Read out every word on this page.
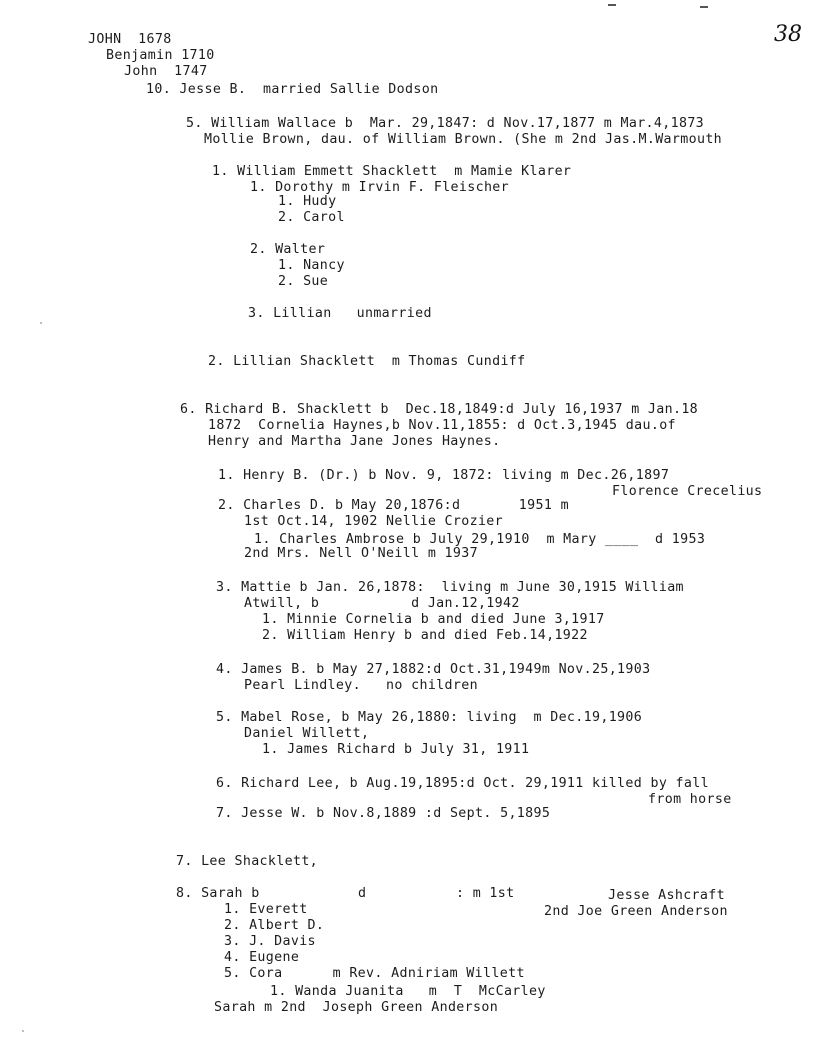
38
JOHN  1678
Benjamin 1710
John  1747
10. Jesse B.  married Sallie Dodson
5. William Wallace b  Mar. 29,1847: d Nov.17,1877 m Mar.4,1873
Mollie Brown, dau. of William Brown. (She m 2nd Jas.M.Warmouth
1. William Emmett Shacklett  m Mamie Klarer
1. Dorothy m Irvin F. Fleischer
1. Hudy
2. Carol
2. Walter
1. Nancy
2. Sue
3. Lillian   unmarried
2. Lillian Shacklett  m Thomas Cundiff
6. Richard B. Shacklett b  Dec.18,1849:d July 16,1937 m Jan.18
1872  Cornelia Haynes,b Nov.11,1855: d Oct.3,1945 dau.of
Henry and Martha Jane Jones Haynes.
1. Henry B. (Dr.) b Nov. 9, 1872: living m Dec.26,1897
Florence Crecelius
2. Charles D. b May 20,1876:d       1951 m
1st Oct.14, 1902 Nellie Crozier
1. Charles Ambrose b July 29,1910  m Mary ____  d 1953
2nd Mrs. Nell O'Neill m 1937
3. Mattie b Jan. 26,1878:  living m June 30,1915 William
Atwill, b           d Jan.12,1942
1. Minnie Cornelia b and died June 3,1917
2. William Henry b and died Feb.14,1922
4. James B. b May 27,1882:d Oct.31,1949m Nov.25,1903
Pearl Lindley.   no children
5. Mabel Rose, b May 26,1880: living  m Dec.19,1906
Daniel Willett,
1. James Richard b July 31, 1911
6. Richard Lee, b Aug.19,1895:d Oct. 29,1911 killed by fall
from horse
7. Jesse W. b Nov.8,1889 :d Sept. 5,1895
7. Lee Shacklett,
8. Sarah b	d	: m 1st	Jesse Ashcraft
1. Everett	2nd Joe Green Anderson
2. Albert D.
3. J. Davis
4. Eugene
5. Cora      m Rev. Adniriam Willett
1. Wanda Juanita   m  T  McCarley
Sarah m 2nd  Joseph Green Anderson
